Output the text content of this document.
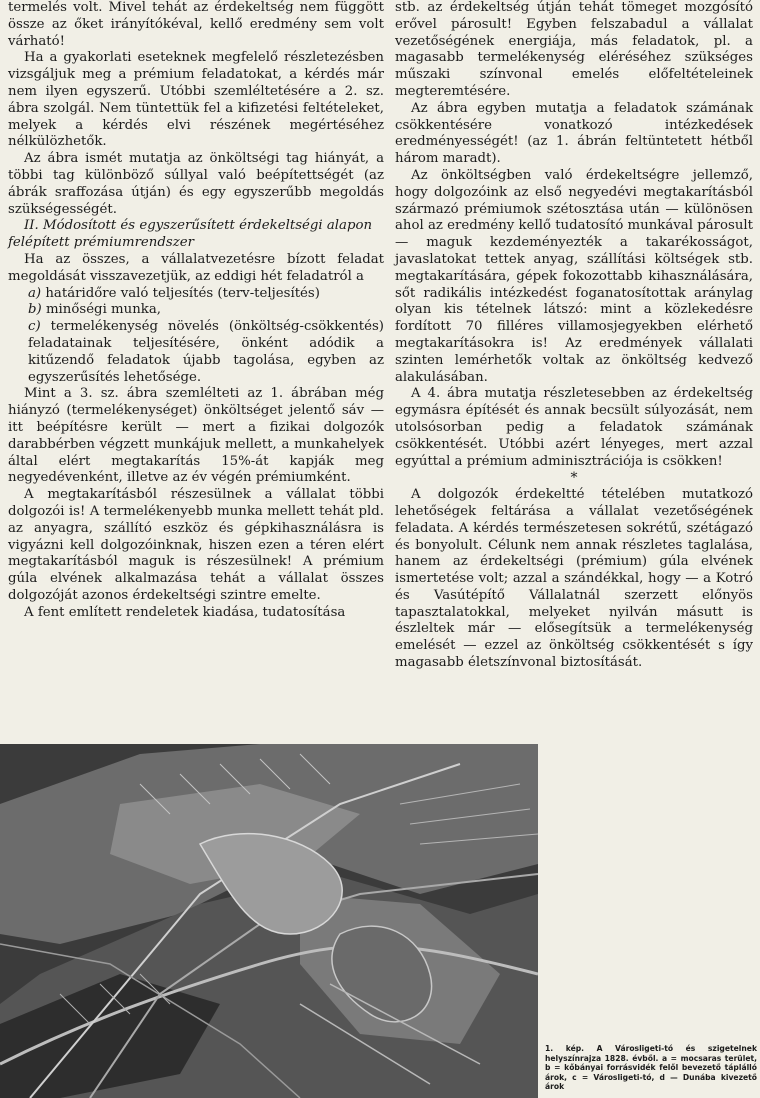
termelés volt. Mivel tehát az érdekeltség nem függött össze az őket irányítókéval, kellő eredmény sem volt várható!

Ha a gyakorlati eseteknek megfelelő részletezésben vizsgáljuk meg a prémium feladatokat, a kérdés már nem ilyen egyszerű. Utóbbi szemléltetésére a 2. sz. ábra szolgál. Nem tüntettük fel a kifizetési feltételeket, melyek a kérdés elvi részének megértéséhez nélkülözhetők.

Az ábra ismét mutatja az önköltségi tag hiányát, a többi tag különböző súllyal való beépítettségét (az ábrák sraffozása útján) és egy egyszerűbb megoldás szükségességét.

II. Módosított és egyszerűsített érdekeltségi alapon felépített prémiumrendszer

Ha az összes, a vállalatvezetésre bízott feladat megoldását visszavezetjük, az eddigi hét feladatról a

a) határidőre való teljesítés (terv-teljesítés)

b) minőségi munka,

c) termelékenység növelés (önköltség-csökkentés) feladatainak teljesítésére, önként adódik a kitűzendő feladatok újabb tagolása, egyben az egyszerűsítés lehetősége.

Mint a 3. sz. ábra szemlélteti az 1. ábrában még hiányzó (termelékenységet) önköltséget jelentő sáv — itt beépítésre került — mert a fizikai dolgozók darabbérben végzett munkájuk mellett, a munkahelyek által elért megtakarítás 15%-át kapják meg negyedévenként, illetve az év végén prémiumként.

A megtakarításból részesülnek a vállalat többi dolgozói is! A termelékenyebb munka mellett tehát pld. az anyagra, szállító eszköz és gépkihasználásra is vigyázni kell dolgozóinknak, hiszen ezen a téren elért megtakarításból maguk is részesülnek! A prémium gúla elvének alkalmazása tehát a vállalat összes dolgozóját azonos érdekeltségi szintre emelte.

A fent említett rendeletek kiadása, tudatosítása

stb. az érdekeltség útján tehát tömeget mozgósító erővel párosult! Egyben felszabadul a vállalat vezetőségének energiája, más feladatok, pl. a magasabb termelékenység eléréséhez szükséges műszaki színvonal emelés előfeltételeinek megteremtésére.

Az ábra egyben mutatja a feladatok számának csökkentésére vonatkozó intézkedések eredményességét! (az 1. ábrán feltüntetett hétből három maradt).

Az önköltségben való érdekeltségre jellemző, hogy dolgozóink az első negyedévi megtakarításból származó prémiumok szétosztása után — különösen ahol az eredmény kellő tudatosító munkával párosult — maguk kezdeményezték a takarékosságot, javaslatokat tettek anyag, szállítási költségek stb. megtakarítására, gépek fokozottabb kihasználására, sőt radikális intézkedést foganatosítottak aránylag olyan kis tételnek látszó: mint a közlekedésre fordított 70 filléres villamosjegyekben elérhető megtakarításokra is! Az eredmények vállalati szinten lemérhetők voltak az önköltség kedvező alakulásában.

A 4. ábra mutatja részletesebben az érdekeltség egymásra építését és annak becsült súlyozását, nem utolsósorban pedig a feladatok számának csökkentését. Utóbbi azért lényeges, mert azzal egyúttal a prémium adminisztrációja is csökken!

*

A dolgozók érdekeltté tételében mutatkozó lehetőségek feltárása a vállalat vezetőségének feladata. A kérdés természetesen sokrétű, szétágazó és bonyolult. Célunk nem annak részletes taglalása, hanem az érdekeltségi (prémium) gúla elvének ismertetése volt; azzal a szándékkal, hogy — a Kotró és Vasútépítő Vállalatnál szerzett előnyös tapasztalatokkal, melyeket nyilván másutt is észleltek már — elősegítsük a termelékenység emelését — ezzel az önköltség csökkentését s így magasabb életszínvonal biztosítását.

1. kép. A Városligeti-tó és szigetelnek helyszínrajza 1828. évből. a = mocsaras terület, b = kőbányai forrásvidék felől bevezető táplálló árok, c = Városligeti-tó, d — Dunába kivezető árok
